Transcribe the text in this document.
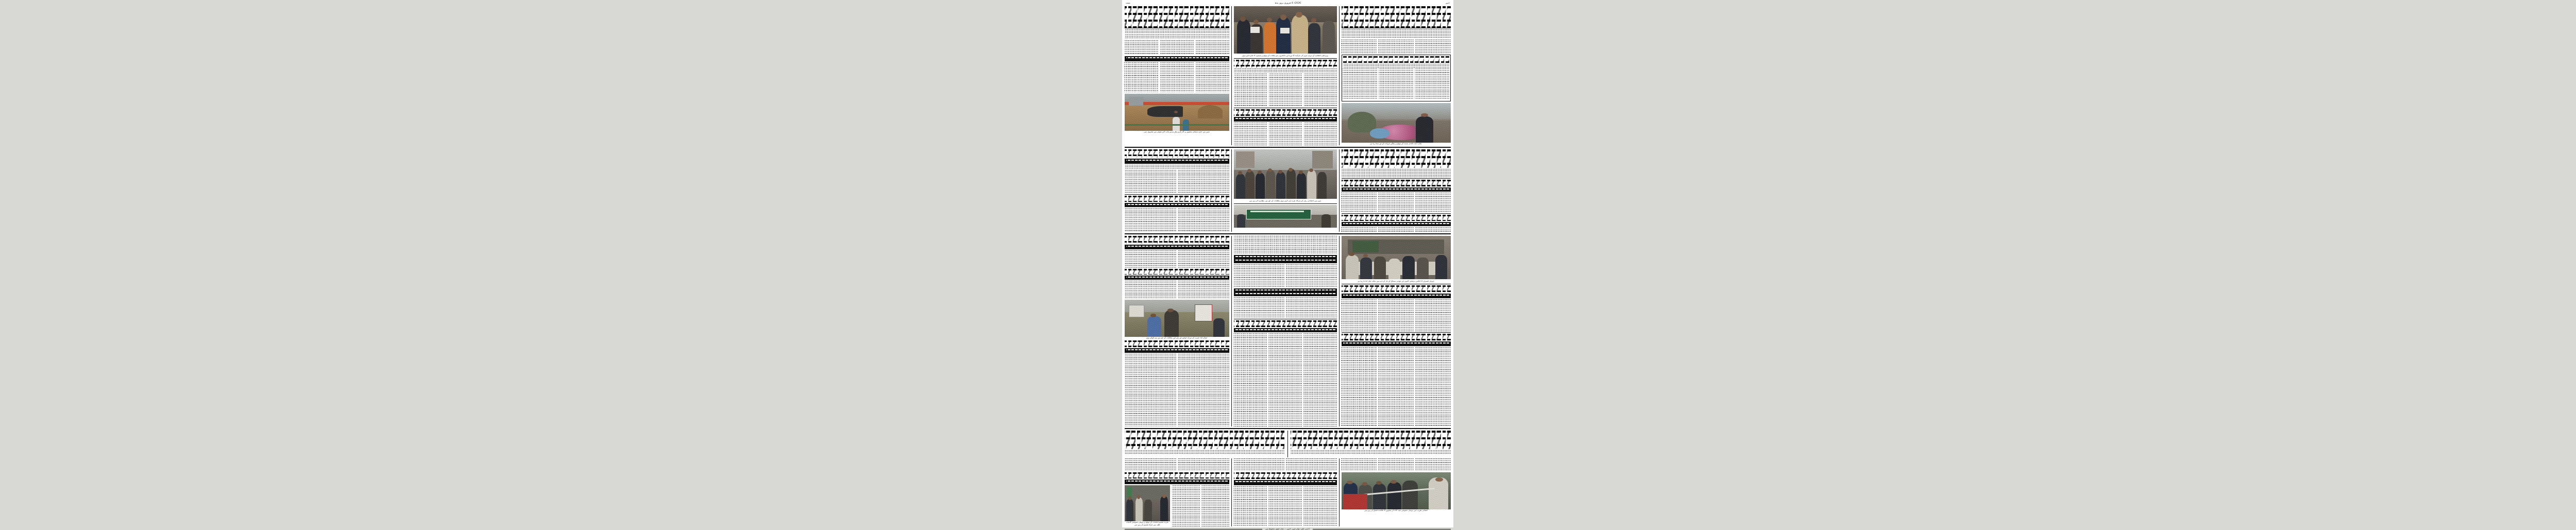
لاہور
2026ء 4 فروری بروز بدھ
صفحہ
ملتان: ایک دکاندار بسنت کے موقع پر پتنگیں فروخت کے لیے سجا رہا ہے
وزیراعلیٰ انتظامیہ کے دوران شہر کی مارکیٹ کا دورہ اور دکانداروں سے ملاقات کے موقع پر قیمتوں کا جائزہ لیتے ہوئے
شہر میں جاری ترقیاتی منصوبے پر کام کرنے والے مزدور پائپ لائن بچھانے میں مصروف ہیں
شہر میں احتجاجی ریلی کے شرکاء نعرے بازی کرتے ہوئے مطالبات کے حق میں مظاہرہ کر رہے ہیں
ڈویژنل افسران کا اجلاس، ترقیاتی کاموں اور عوامی مسائل کے حل کے بارے میں تبادلہ خیال کیا جا رہا ہے
اسلام آباد: تقریب کے دوران خواتین اور بچے اپنے مطالبات کے حق میں بینر اٹھائے ہوئے
افتتاحی تقریب میں مہمان خصوصی فیتہ کاٹ کر منصوبے کا باقاعدہ افتتاح کر رہے ہیں
تقریب تقسیم انعامات کے موقع پر مہمان خصوصی کامیاب طلبہ میں اسناد تقسیم کر رہے ہیں
ادارتی دفتر: نوائے شہر، لاہور — تمام حقوق محفوظ ہیں
